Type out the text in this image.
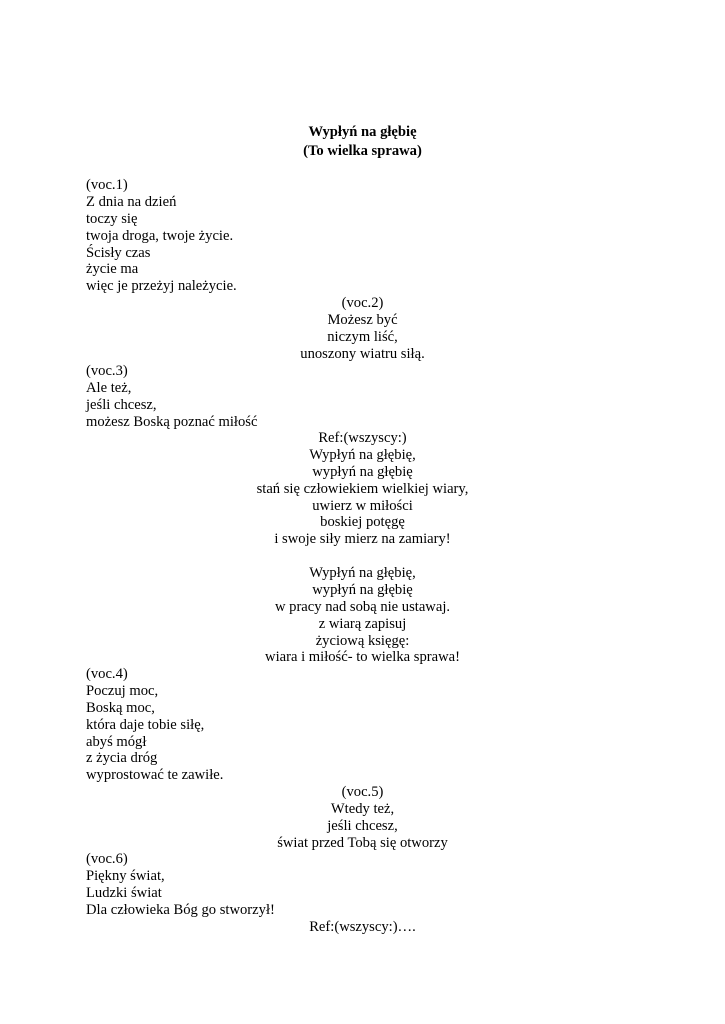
Wypłyń na głębię
(To wielka sprawa)
(voc.1)
Z dnia na dzień
toczy się
twoja droga, twoje życie.
Ścisły czas
życie ma
więc je przeżyj należycie.
(voc.2)
Możesz być
niczym liść,
unoszony wiatru siłą.
(voc.3)
Ale też,
jeśli chcesz,
możesz Boską poznać miłość
Ref:(wszyscy:)
Wypłyń na głębię,
wypłyń na głębię
stań się człowiekiem wielkiej wiary,
uwierz w miłości
boskiej potęgę
i swoje siły mierz na zamiary!
Wypłyń na głębię,
wypłyń na głębię
w pracy nad sobą nie ustawaj.
z wiarą zapisuj
życiową księgę:
wiara i miłość- to wielka sprawa!
(voc.4)
Poczuj moc,
Boską moc,
która daje tobie siłę,
abyś mógł
z życia dróg
wyprostować te zawiłe.
(voc.5)
Wtedy też,
jeśli chcesz,
świat przed Tobą się otworzy
(voc.6)
Piękny świat,
Ludzki świat
Dla człowieka Bóg go stworzył!
Ref:(wszyscy:)….
